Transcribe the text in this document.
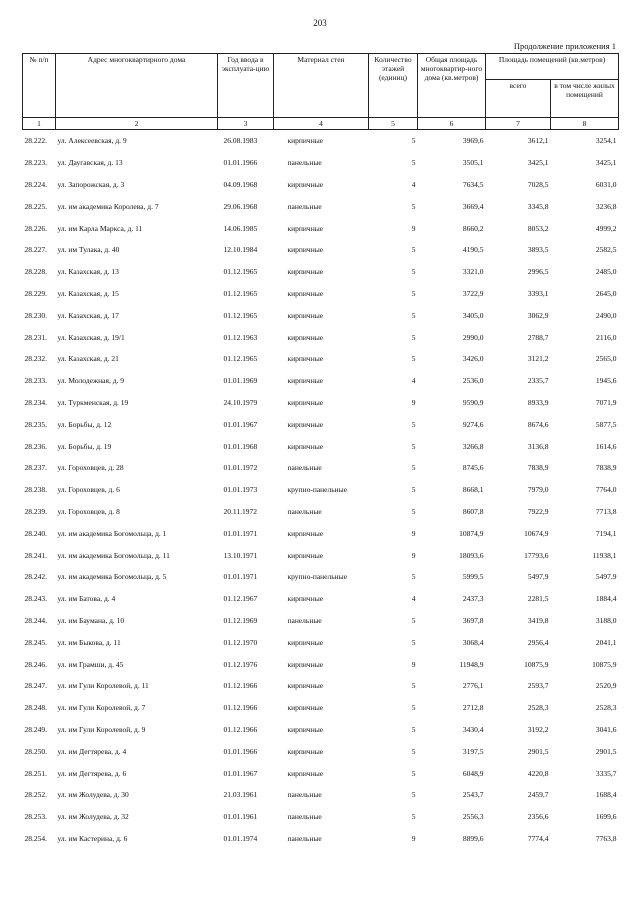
203
Продолжение приложения 1
№ п/п	Адрес многоквартирного дома	Год ввода в эксплуата-цию	Материал стен	Количество этажей (единиц)	Общая площадь многоквартир-ного дома (кв.метров)	Площадь помещений (кв.метров)	
						всего	в том числе жилых помещений
1	2	3	4	5	6	7	8
28.222.	ул. Алексеевская, д. 9	26.08.1983	кирпичные	5	3969,6	3612,1	3254,1
28.223.	ул. Даугавская, д. 13	01.01.1966	панельные	5	3505,1	3425,1	3425,1
28.224.	ул. Запорожская, д. 3	04.09.1968	кирпичные	4	7634,5	7028,5	6031,0
28.225.	ул. им академика Королева, д. 7	29.06.1968	панельные	5	3669,4	3345,8	3236,8
28.226.	ул. им Карла Маркса, д. 11	14.06.1985	кирпичные	9	8660,2	8053,2	4999,2
28.227.	ул. им Тулака, д. 40	12.10.1984	кирпичные	5	4190,5	3893,5	2582,5
28.228.	ул. Казахская, д. 13	01.12.1965	кирпичные	5	3321,0	2996,5	2485,0
28.229.	ул. Казахская, д. 15	01.12.1965	кирпичные	5	3722,9	3393,1	2645,0
28.230.	ул. Казахская, д. 17	01.12.1965	кирпичные	5	3405,0	3062,9	2490,0
28.231.	ул. Казахская, д. 19/1	01.12.1963	кирпичные	5	2990,0	2788,7	2116,0
28.232.	ул. Казахская, д. 21	01.12.1965	кирпичные	5	3426,0	3121,2	2565,0
28.233.	ул. Молодежная, д. 9	01.01.1969	кирпичные	4	2536,0	2335,7	1945,6
28.234.	ул. Туркменская, д. 19	24.10.1979	кирпичные	9	9590,9	8933,9	7071,9
28.235.	ул. Борьбы, д. 12	01.01.1967	кирпичные	5	9274,6	8674,6	5877,5
28.236.	ул. Борьбы, д. 19	01.01.1968	кирпичные	5	3266,8	3136,8	1614,6
28.237.	ул. Гороховцев, д. 28	01.01.1972	панельные	5	8745,6	7838,9	7838,9
28.238.	ул. Гороховцев, д. 6	01.01.1973	крупно-панельные	5	8668,1	7979,0	7764,0
28.239.	ул. Гороховцев, д. 8	20.11.1972	панельные	5	8607,8	7922,9	7713,8
28.240.	ул. им академика Богомольца, д. 1	01.01.1971	кирпичные	9	10874,9	10674,9	7194,1
28.241.	ул. им академика Богомольца, д. 11	13.10.1971	кирпичные	9	18093,6	17793,6	11938,1
28.242.	ул. им академика Богомольца, д. 5	01.01.1971	крупно-панельные	5	5999,5	5497,9	5497,9
28.243.	ул. им Батова, д. 4	01.12.1967	кирпичные	4	2437,3	2281,5	1884,4
28.244.	ул. им Баумана, д. 10	01.12.1969	панельные	5	3697,8	3419,8	3188,0
28.245.	ул. им Быкова, д. 11	01.12.1970	кирпичные	5	3068,4	2956,4	2041,1
28.246.	ул. им Грамши, д. 45	01.12.1976	кирпичные	9	11948,9	10875,9	10875,9
28.247.	ул. им Гули Королевой, д. 11	01.12.1966	кирпичные	5	2776,1	2593,7	2520,9
28.248.	ул. им Гули Королевой, д. 7	01.12.1966	кирпичные	5	2712,8	2528,3	2528,3
28.249.	ул. им Гули Королевой, д. 9	01.12.1966	кирпичные	5	3430,4	3192,2	3041,6
28.250.	ул. им Дегтярева, д. 4	01.01.1966	кирпичные	5	3197,5	2901,5	2901,5
28.251.	ул. им Дегтярева, д. 6	01.01.1967	кирпичные	5	6048,9	4220,8	3335,7
28.252.	ул. им Жолудева, д. 30	21.03.1961	панельные	5	2543,7	2459,7	1688,4
28.253.	ул. им Жолудева, д. 32	01.01.1961	панельные	5	2556,3	2356,6	1699,6
28.254.	ул. им Кастерина, д. 6	01.01.1974	панельные	9	8899,6	7774,4	7763,8
